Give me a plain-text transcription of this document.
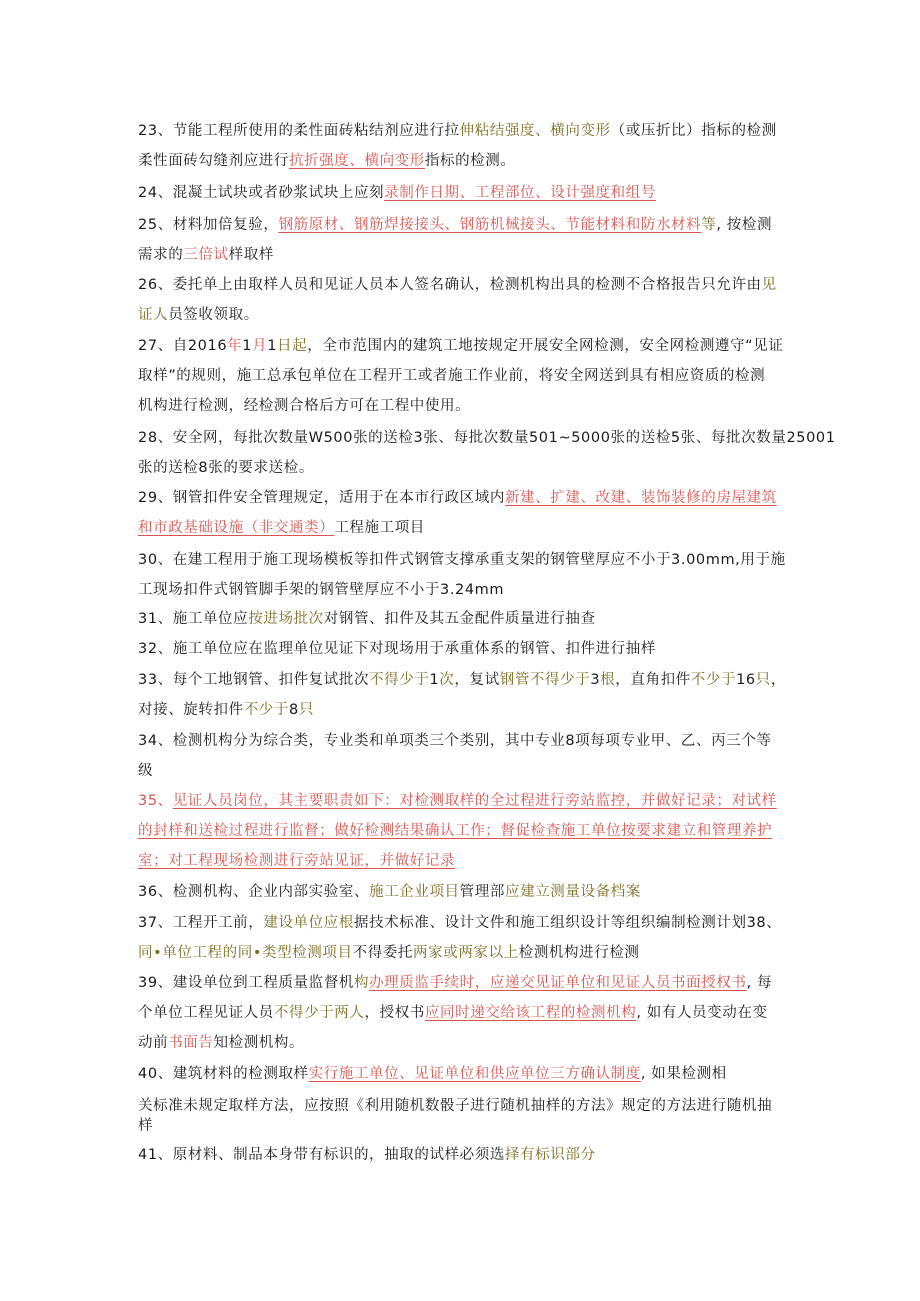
23、节能工程所使用的柔性面砖粘结剂应进行拉伸粘结强度、横向变形（或压折比）指标的检测
柔性面砖勾缝剂应进行抗折强度、横向变形指标的检测。
24、混凝土试块或者砂浆试块上应刻录制作日期、工程部位、设计强度和组号
25、材料加倍复验，钢筋原材、钢筋焊接接头、钢筋机械接头、节能材料和防水材料等, 按检测
需求的三倍试样取样
26、委托单上由取样人员和见证人员本人签名确认，检测机构出具的检测不合格报告只允许由见
证人员签收领取。
27、自2016年1月1日起，全市范围内的建筑工地按规定开展安全网检测，安全网检测遵守“见证
取样”的规则，施工总承包单位在工程开工或者施工作业前，将安全网送到具有相应资质的检测
机构进行检测，经检测合格后方可在工程中使用。
28、安全网，每批次数量W500张的送检3张、每批次数量501~5000张的送检5张、每批次数量25001
张的送检8张的要求送检。
29、钢管扣件安全管理规定，适用于在本市行政区域内新建、扩建、改建、装饰装修的房屋建筑
和市政基础设施（非交通类）工程施工项目
30、在建工程用于施工现场模板等扣件式钢管支撑承重支架的钢管壁厚应不小于3.00mm,用于施
工现场扣件式钢管脚手架的钢管壁厚应不小于3.24mm
31、施工单位应按进场批次对钢管、扣件及其五金配件质量进行抽查
32、施工单位应在监理单位见证下对现场用于承重体系的钢管、扣件进行抽样
33、每个工地钢管、扣件复试批次不得少于1次，复试钢管不得少于3根，直角扣件不少于16只，
对接、旋转扣件不少于8只
34、检测机构分为综合类，专业类和单项类三个类别，其中专业8项每项专业甲、乙、丙三个等
级
35、见证人员岗位，其主要职责如下：对检测取样的全过程进行旁站监控，并做好记录；对试样
的封样和送检过程进行监督；做好检测结果确认工作；督促检查施工单位按要求建立和管理养护
室；对工程现场检测进行旁站见证，并做好记录
36、检测机构、企业内部实验室、施工企业项目管理部应建立测量设备档案
37、工程开工前，建设单位应根据技术标准、设计文件和施工组织设计等组织编制检测计划38、
同•单位工程的同•类型检测项目不得委托两家或两家以上检测机构进行检测
39、建设单位到工程质量监督机构办理质监手续时，应递交见证单位和见证人员书面授权书, 每
个单位工程见证人员不得少于两人，授权书应同时递交给该工程的检测机构, 如有人员变动在变
动前书面告知检测机构。
40、建筑材料的检测取样实行施工单位、见证单位和供应单位三方确认制度, 如果检测相
关标准未规定取样方法，应按照《利用随机数骰子进行随机抽样的方法》规定的方法进行随机抽
样
41、原材料、制品本身带有标识的，抽取的试样必须选择有标识部分
